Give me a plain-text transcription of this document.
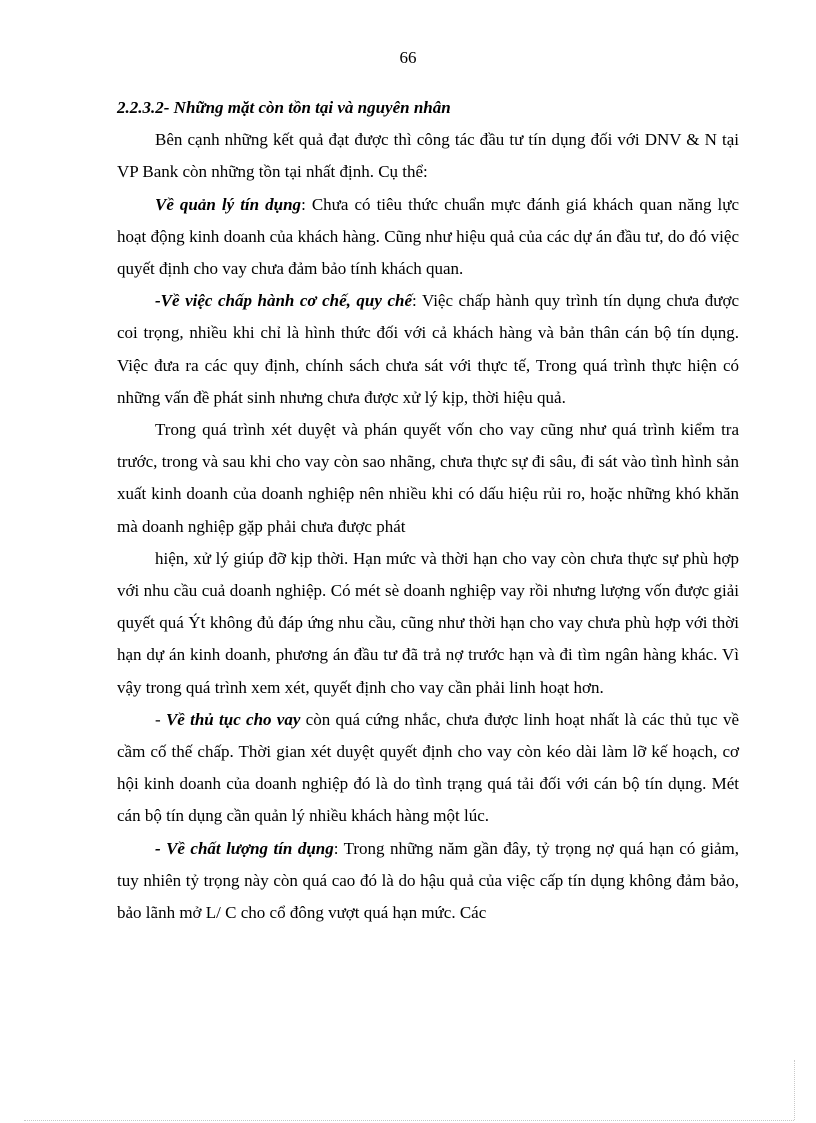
66

2.2.3.2- Những mặt còn tồn tại và nguyên nhân

Bên cạnh những kết quả đạt được thì công tác đầu tư tín dụng đối với DNV & N tại VP Bank còn những tồn tại nhất định. Cụ thể:

Về quản lý tín dụng: Chưa có tiêu thức chuẩn mực đánh giá khách quan năng lực hoạt động kinh doanh của khách hàng. Cũng như hiệu quả của các dự án đầu tư, do đó việc quyết định cho vay chưa đảm bảo tính khách quan.

-Về việc chấp hành cơ chế, quy chế: Việc chấp hành quy trình tín dụng chưa được coi trọng, nhiều khi chỉ là hình thức đối với cả khách hàng và bản thân cán bộ tín dụng. Việc đưa ra các quy định, chính sách chưa sát với thực tế, Trong quá trình thực hiện có những vấn đề phát sinh nhưng chưa được xử lý kịp, thời hiệu quả.

Trong quá trình xét duyệt và phán quyết vốn cho vay cũng như quá trình kiểm tra trước, trong và sau khi cho vay còn sao nhãng, chưa thực sự đi sâu, đi sát vào tình hình sản xuất kinh doanh của doanh nghiệp nên nhiều khi có dấu hiệu rủi ro, hoặc những khó khăn mà doanh nghiệp gặp phải chưa được phát

hiện, xử lý giúp đỡ kịp thời. Hạn mức và thời hạn cho vay còn chưa thực sự phù hợp với nhu cầu cuả doanh nghiệp. Có mét sè doanh nghiệp vay rồi nhưng lượng vốn được giải quyết quá Ýt không đủ đáp ứng nhu cầu, cũng như thời hạn cho vay chưa phù hợp với thời hạn dự án kinh doanh, phương án đầu tư đã trả nợ trước hạn và đi tìm ngân hàng khác. Vì vậy trong quá trình xem xét, quyết định cho vay cần phải linh hoạt hơn.

- Về thủ tục cho vay còn quá cứng nhắc, chưa được linh hoạt nhất là các thủ tục về cầm cố thế chấp. Thời gian xét duyệt quyết định cho vay còn kéo dài làm lỡ kế hoạch, cơ hội kinh doanh của doanh nghiệp đó là do tình trạng quá tải đối với cán bộ tín dụng. Mét cán bộ tín dụng cần quản lý nhiều khách hàng một lúc.

- Về chất lượng tín dụng: Trong những năm gần đây, tỷ trọng nợ quá hạn có giảm, tuy nhiên tỷ trọng này còn quá cao đó là do hậu quả của việc cấp tín dụng không đảm bảo, bảo lãnh mở L/ C cho cổ đông vượt quá hạn mức. Các
